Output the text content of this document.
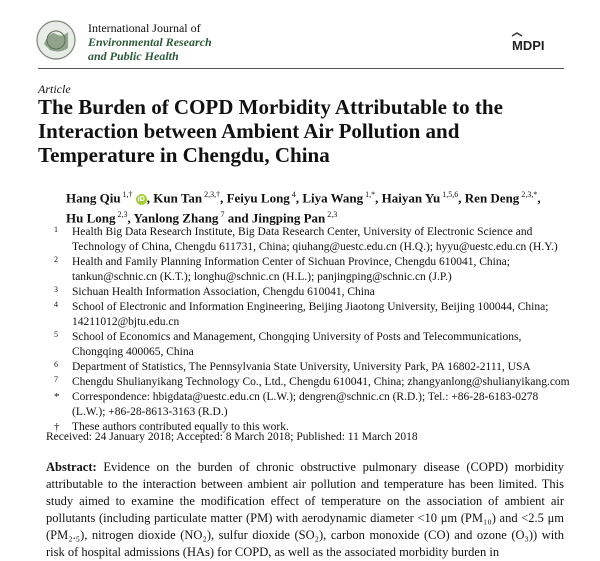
International Journal of
Environmental Research
and Public Health
MDPI
Article
The Burden of COPD Morbidity Attributable to the
Interaction between Ambient Air Pollution and
Temperature in Chengdu, China
Hang Qiu $^{1,\dagger}$ iD , Kun Tan $^{2,3,\dagger}$, Feiyu Long $^4$, Liya Wang $^{1,*}$, Haiyan Yu $^{1,5,6}$, Ren Deng $^{2,3,*}$,
Hu Long $^{2,3}$, Yanlong Zhang $^7$ and Jingping Pan $^{2,3}$
1 Health Big Data Research Institute, Big Data Research Center, University of Electronic Science and Technology of China, Chengdu 611731, China; qiuhang@uestc.edu.cn (H.Q.); hyyu@uestc.edu.cn (H.Y.)
2 Health and Family Planning Information Center of Sichuan Province, Chengdu 610041, China; tankun@schnic.cn (K.T.); longhu@schnic.cn (H.L.); panjingping@schnic.cn (J.P.)
3 Sichuan Health Information Association, Chengdu 610041, China
4 School of Electronic and Information Engineering, Beijing Jiaotong University, Beijing 100044, China; 14211012@bjtu.edu.cn
5 School of Economics and Management, Chongqing University of Posts and Telecommunications, Chongqing 400065, China
6 Department of Statistics, The Pennsylvania State University, University Park, PA 16802-2111, USA
7 Chengdu Shulianyikang Technology Co., Ltd., Chengdu 610041, China; zhangyanlong@shulianyikang.com
* Correspondence: hbigdata@uestc.edu.cn (L.W.); dengren@schnic.cn (R.D.); Tel.: +86-28-6183-0278 (L.W.); +86-28-8613-3163 (R.D.)
† These authors contributed equally to this work.
Received: 24 January 2018; Accepted: 8 March 2018; Published: 11 March 2018
Abstract: Evidence on the burden of chronic obstructive pulmonary disease (COPD) morbidity attributable to the interaction between ambient air pollution and temperature has been limited. This study aimed to examine the modification effect of temperature on the association of ambient air pollutants (including particulate matter (PM) with aerodynamic diameter <10 μm (PM₁₀) and <2.5 μm (PM₂.₅), nitrogen dioxide (NO₂), sulfur dioxide (SO₂), carbon monoxide (CO) and ozone (O₃)) with risk of hospital admissions (HAs) for COPD, as well as the associated morbidity burden in
